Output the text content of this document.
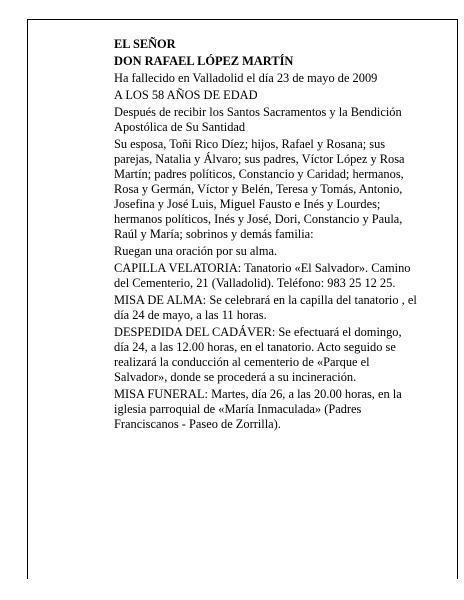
EL SEÑOR

DON RAFAEL LÓPEZ MARTÍN

Ha fallecido en Valladolid el día 23 de mayo de 2009

A LOS 58 AÑOS DE EDAD

Después de recibir los Santos Sacramentos y la Bendición Apostólica de Su Santidad

Su esposa, Toñi Rico Díez; hijos, Rafael y Rosana; sus parejas, Natalia y Álvaro; sus padres, Víctor López y Rosa Martín; padres políticos, Constancio y Caridad; hermanos, Rosa y Germán, Víctor y Belén, Teresa y Tomás, Antonio, Josefina y José Luis, Miguel Fausto e Inés y Lourdes; hermanos políticos, Inés y José, Dori, Constancio y Paula, Raúl y María; sobrinos y demás familia:

Ruegan una oración por su alma.

CAPILLA VELATORIA: Tanatorio «El Salvador». Camino del Cementerio, 21 (Valladolid). Teléfono: 983 25 12 25.

MISA DE ALMA: Se celebrará en la capilla del tanatorio , el día 24 de mayo, a las 11 horas.

DESPEDIDA DEL CADÁVER: Se efectuará el domingo, día 24, a las 12.00 horas, en el tanatorio. Acto seguido se realizará la conducción al cementerio de «Parque el Salvador», donde se procederá a su incineración.

MISA FUNERAL: Martes, día 26, a las 20.00 horas, en la iglesia parroquial de «María Inmaculada» (Padres Franciscanos - Paseo de Zorrilla).
